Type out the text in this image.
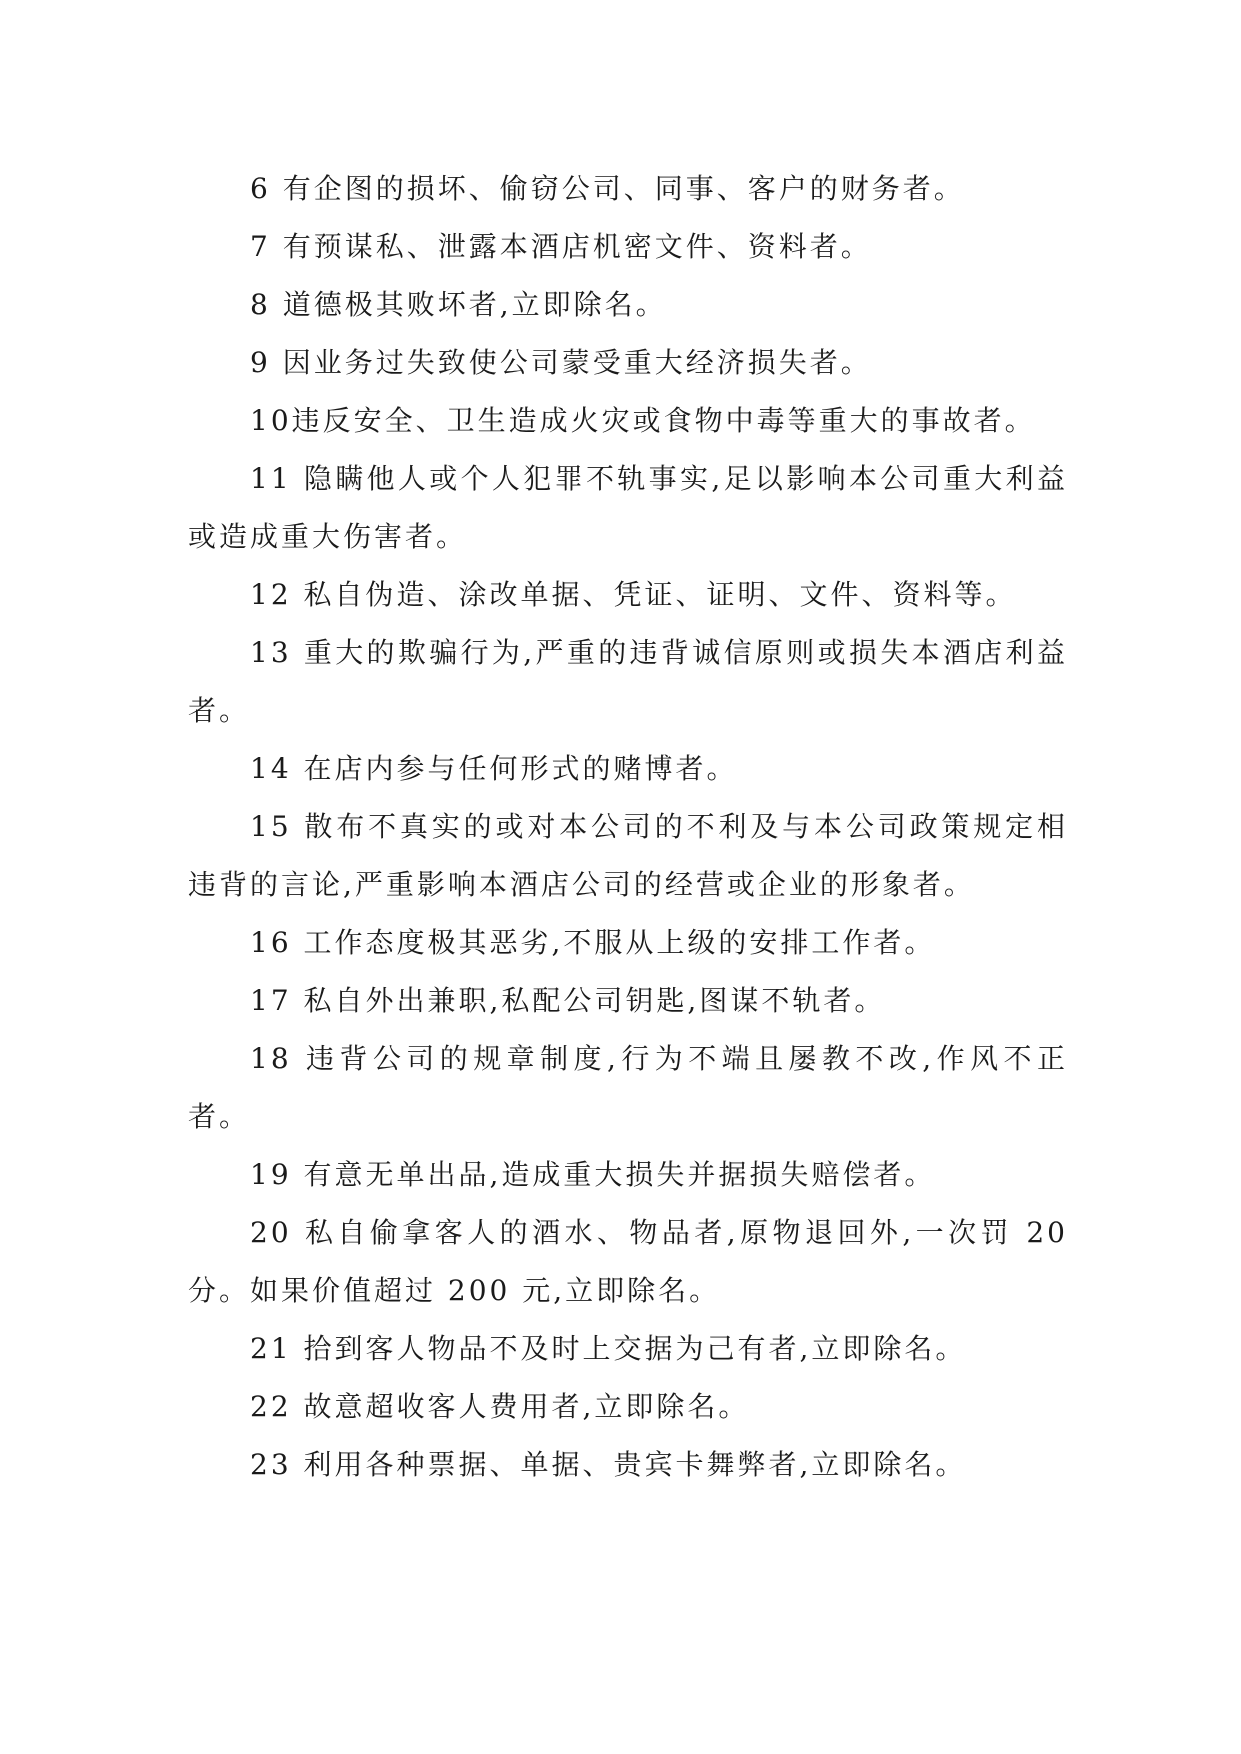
6 有企图的损坏、偷窃公司、同事、客户的财务者。

7 有预谋私、泄露本酒店机密文件、资料者。

8 道德极其败坏者,立即除名。

9 因业务过失致使公司蒙受重大经济损失者。

10违反安全、卫生造成火灾或食物中毒等重大的事故者。

11 隐瞒他人或个人犯罪不轨事实,足以影响本公司重大利益或造成重大伤害者。

12 私自伪造、涂改单据、凭证、证明、文件、资料等。

13 重大的欺骗行为,严重的违背诚信原则或损失本酒店利益者。

14 在店内参与任何形式的赌博者。

15 散布不真实的或对本公司的不利及与本公司政策规定相违背的言论,严重影响本酒店公司的经营或企业的形象者。

16 工作态度极其恶劣,不服从上级的安排工作者。

17 私自外出兼职,私配公司钥匙,图谋不轨者。

18 违背公司的规章制度,行为不端且屡教不改,作风不正者。

19 有意无单出品,造成重大损失并据损失赔偿者。

20 私自偷拿客人的酒水、物品者,原物退回外,一次罚 20 分。如果价值超过 200 元,立即除名。

21 拾到客人物品不及时上交据为己有者,立即除名。

22 故意超收客人费用者,立即除名。

23 利用各种票据、单据、贵宾卡舞弊者,立即除名。
